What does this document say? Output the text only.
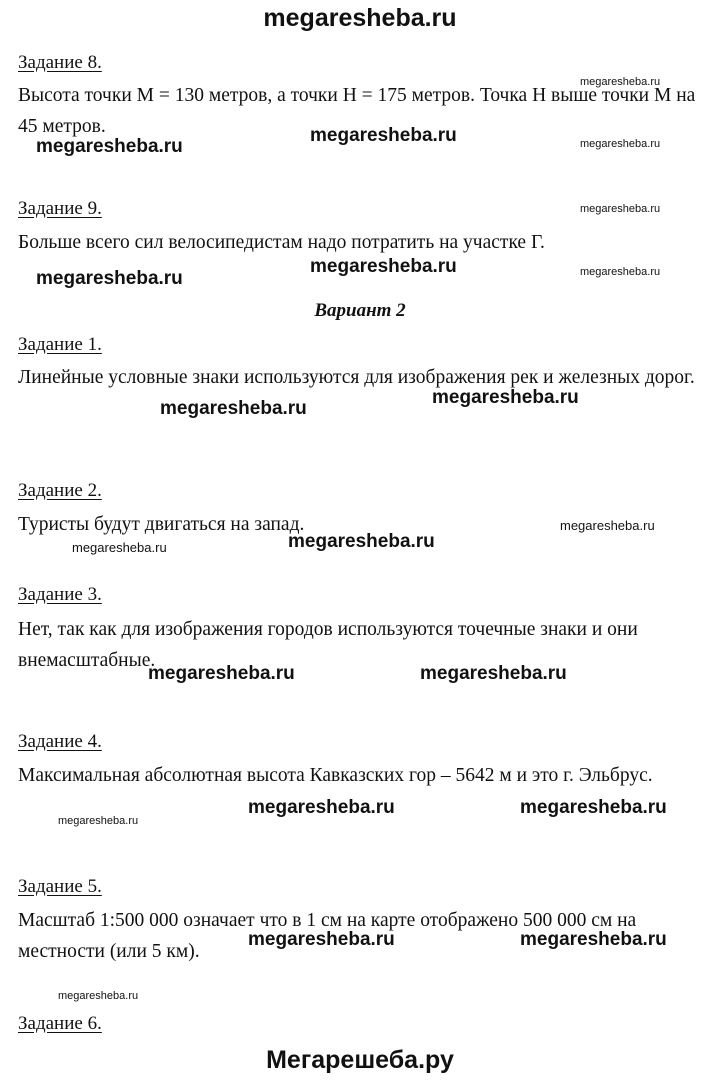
megaresheba.ru
Задание 8.
Высота точки М = 130 метров, а точки Н = 175 метров. Точка Н выше точки М на 45 метров.
Задание 9.
Больше всего сил велосипедистам надо потратить на участке Г.
Вариант 2
Задание 1.
Линейные условные знаки используются для изображения рек и железных дорог.
Задание 2.
Туристы будут двигаться на запад.
Задание 3.
Нет, так как для изображения городов используются точечные знаки и они внемасштабные.
Задание 4.
Максимальная абсолютная высота Кавказских гор – 5642 м и это г. Эльбрус.
Задание 5.
Масштаб 1:500 000 означает что в 1 см на карте отображено 500 000 см на местности (или 5 км).
Задание 6.
megaresheba.ru
megaresheba.ru
megaresheba.ru	megaresheba.ru
megaresheba.ru
megaresheba.ru	megaresheba.ru
megaresheba.ru
megaresheba.ru
megaresheba.ru
megaresheba.ru
megaresheba.ru
megaresheba.ru
megaresheba.ru	megaresheba.ru
megaresheba.ru	megaresheba.ru
megaresheba.ru
megaresheba.ru	megaresheba.ru
megaresheba.ru
Мегарешеба.ру
